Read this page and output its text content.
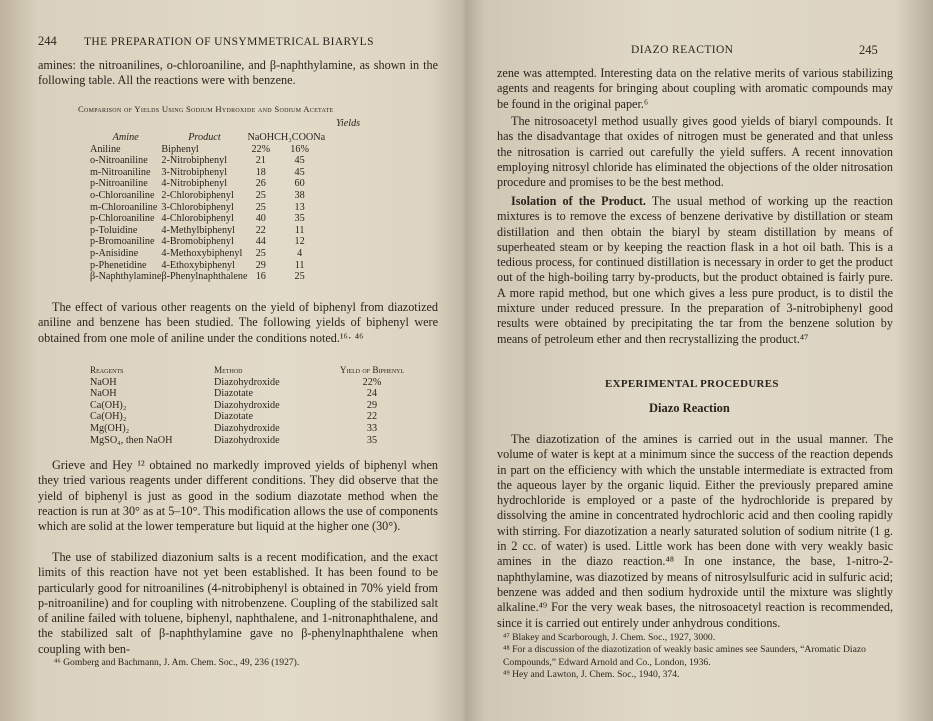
244 THE PREPARATION OF UNSYMMETRICAL BIARYLS

amines: the nitroanilines, o-chloroaniline, and β-naphthylamine, as shown in the following table. All the reactions were with benzene.

Comparison of Yields Using Sodium Hydroxide and Sodium Acetate
Yields
Amine	Product	NaOH	CH₃COONa
Aniline	Biphenyl	22%	16%
o-Nitroaniline	2-Nitrobiphenyl	21	45
m-Nitroaniline	3-Nitrobiphenyl	18	45
p-Nitroaniline	4-Nitrobiphenyl	26	60
o-Chloroaniline	2-Chlorobiphenyl	25	38
m-Chloroaniline	3-Chlorobiphenyl	25	13
p-Chloroaniline	4-Chlorobiphenyl	40	35
p-Toluidine	4-Methylbiphenyl	22	11
p-Bromoaniline	4-Bromobiphenyl	44	12
p-Anisidine	4-Methoxybiphenyl	25	4
p-Phenetidine	4-Ethoxybiphenyl	29	11
β-Naphthylamine	β-Phenylnaphthalene	16	25

The effect of various other reagents on the yield of biphenyl from diazotized aniline and benzene has been studied. The following yields of biphenyl were obtained from one mole of aniline under the conditions noted.¹⁶· ⁴⁶

Reagents	Method	Yield of Biphenyl
NaOH	Diazohydroxide	22%
NaOH	Diazotate	24
Ca(OH)₂	Diazohydroxide	29
Ca(OH)₂	Diazotate	22
Mg(OH)₂	Diazohydroxide	33
MgSO₄, then NaOH	Diazohydroxide	35

Grieve and Hey ¹² obtained no markedly improved yields of biphenyl when they tried various reagents under different conditions. They did observe that the yield of biphenyl is just as good in the sodium diazotate method when the reaction is run at 30° as at 5–10°. This modification allows the use of components which are solid at the lower temperature but liquid at the higher one (30°).

The use of stabilized diazonium salts is a recent modification, and the exact limits of this reaction have not yet been established. It has been found to be particularly good for nitroanilines (4-nitrobiphenyl is obtained in 70% yield from p-nitroaniline) and for coupling with nitrobenzene. Coupling of the stabilized salt of aniline failed with toluene, biphenyl, naphthalene, and 1-nitronaphthalene, and the stabilized salt of β-naphthylamine gave no β-phenylnaphthalene when coupling with ben-

⁴⁶ Gomberg and Bachmann, J. Am. Chem. Soc., 49, 236 (1927).
DIAZO REACTION	245

zene was attempted. Interesting data on the relative merits of various stabilizing agents and reagents for bringing about coupling with aromatic compounds may be found in the original paper.⁶

The nitrosoacetyl method usually gives good yields of biaryl compounds. It has the disadvantage that oxides of nitrogen must be generated and that unless the nitrosation is carried out carefully the yield suffers. A recent innovation employing nitrosyl chloride has eliminated the objections of the older nitrosation procedure and promises to be the best method.

Isolation of the Product. The usual method of working up the reaction mixtures is to remove the excess of benzene derivative by distillation or steam distillation and then obtain the biaryl by steam distillation by means of superheated steam or by keeping the reaction flask in a hot oil bath. This is a tedious process, for continued distillation is necessary in order to get the product out of the high-boiling tarry by-products, but the product obtained is fairly pure. A more rapid method, but one which gives a less pure product, is to distil the mixture under reduced pressure. In the preparation of 3-nitrobiphenyl good results were obtained by precipitating the tar from the benzene solution by means of petroleum ether and then recrystallizing the product.⁴⁷

EXPERIMENTAL PROCEDURES
Diazo Reaction

The diazotization of the amines is carried out in the usual manner. The volume of water is kept at a minimum since the success of the reaction depends in part on the efficiency with which the unstable intermediate is extracted from the aqueous layer by the organic liquid. Either the previously prepared amine hydrochloride is employed or a paste of the hydrochloride is prepared by dissolving the amine in concentrated hydrochloric acid and then cooling rapidly with stirring. For diazotization a nearly saturated solution of sodium nitrite (1 g. in 2 cc. of water) is used. Little work has been done with very weakly basic amines in the diazo reaction.⁴⁸ In one instance, the base, 1-nitro-2-naphthylamine, was diazotized by means of nitrosylsulfuric acid in sulfuric acid; benzene was added and then sodium hydroxide until the mixture was slightly alkaline.⁴⁹ For the very weak bases, the nitrosoacetyl reaction is recommended, since it is carried out entirely under anhydrous conditions.

⁴⁷ Blakey and Scarborough, J. Chem. Soc., 1927, 3000.
⁴⁸ For a discussion of the diazotization of weakly basic amines see Saunders, “Aromatic Diazo Compounds,” Edward Arnold and Co., London, 1936.
⁴⁹ Hey and Lawton, J. Chem. Soc., 1940, 374.
